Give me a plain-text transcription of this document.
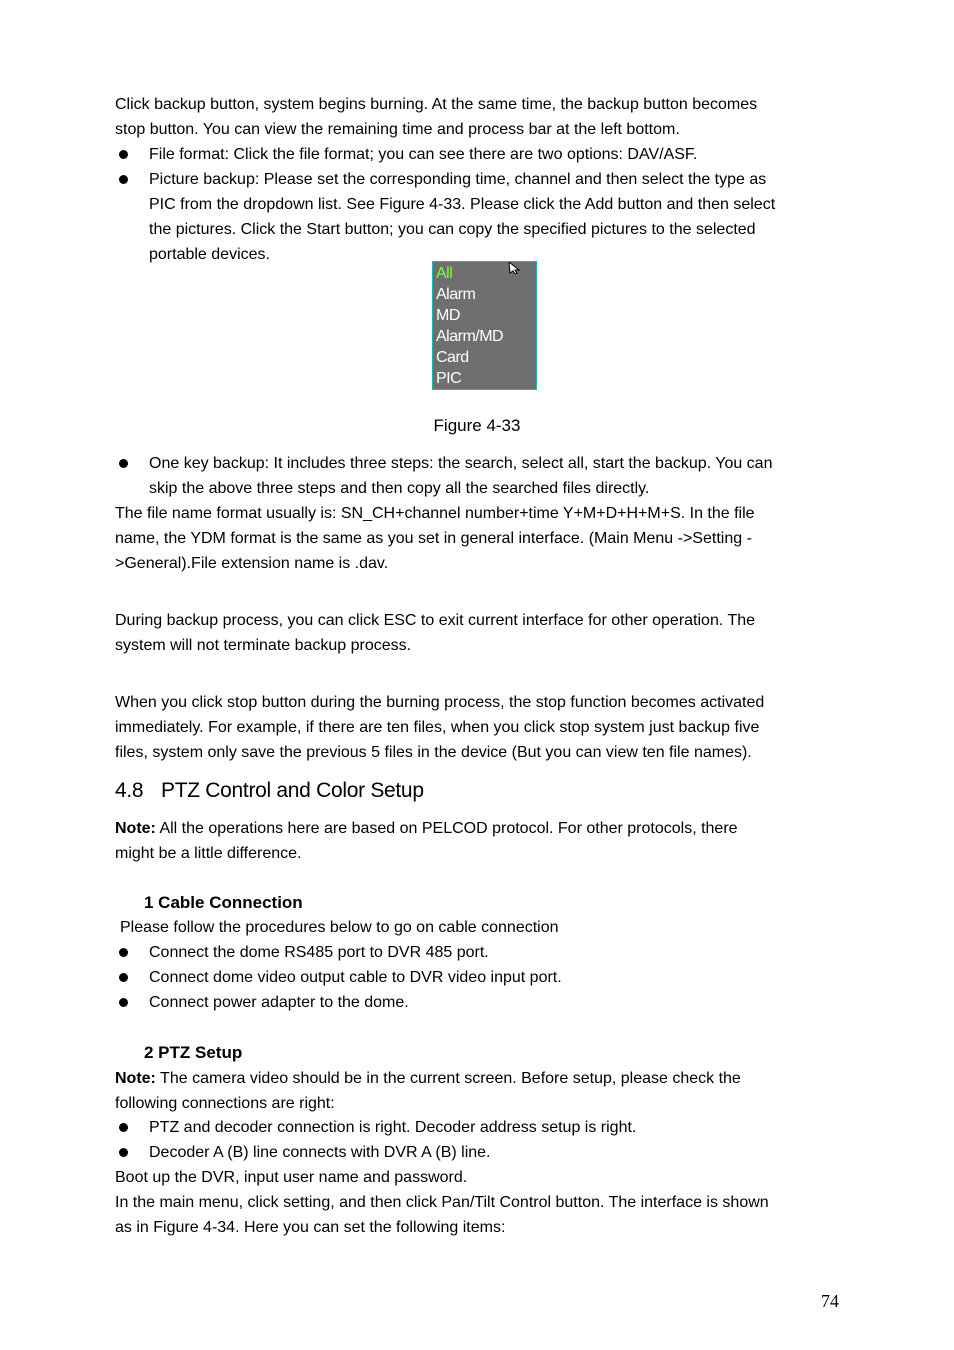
Click backup button, system begins burning. At the same time, the backup button becomes
stop button. You can view the remaining time and process bar at the left bottom.
File format: Click the file format; you can see there are two options: DAV/ASF.
Picture backup: Please set the corresponding time, channel and then select the type as
PIC from the dropdown list. See Figure 4-33. Please click the Add button and then select
the pictures. Click the Start button; you can copy the specified pictures to the selected
portable devices.
All
Alarm
MD
Alarm/MD
Card
PIC
Figure 4-33
One key backup: It includes three steps: the search, select all, start the backup. You can
skip the above three steps and then copy all the searched files directly.
The file name format usually is: SN_CH+channel number+time Y+M+D+H+M+S. In the file
name, the YDM format is the same as you set in general interface. (Main Menu ->Setting -
>General).File extension name is .dav.
During backup process, you can click ESC to exit current interface for other operation. The
system will not terminate backup process.
When you click stop button during the burning process, the stop function becomes activated
immediately. For example, if there are ten files, when you click stop system just backup five
files, system only save the previous 5 files in the device (But you can view ten file names).
4.8 PTZ Control and Color Setup
Note: All the operations here are based on PELCOD protocol. For other protocols, there
might be a little difference.
1 Cable Connection
Please follow the procedures below to go on cable connection
Connect the dome RS485 port to DVR 485 port.
Connect dome video output cable to DVR video input port.
Connect power adapter to the dome.
2 PTZ Setup
Note: The camera video should be in the current screen. Before setup, please check the
following connections are right:
PTZ and decoder connection is right. Decoder address setup is right.
Decoder A (B) line connects with DVR A (B) line.
Boot up the DVR, input user name and password.
In the main menu, click setting, and then click Pan/Tilt Control button. The interface is shown
as in Figure 4-34. Here you can set the following items:
74
